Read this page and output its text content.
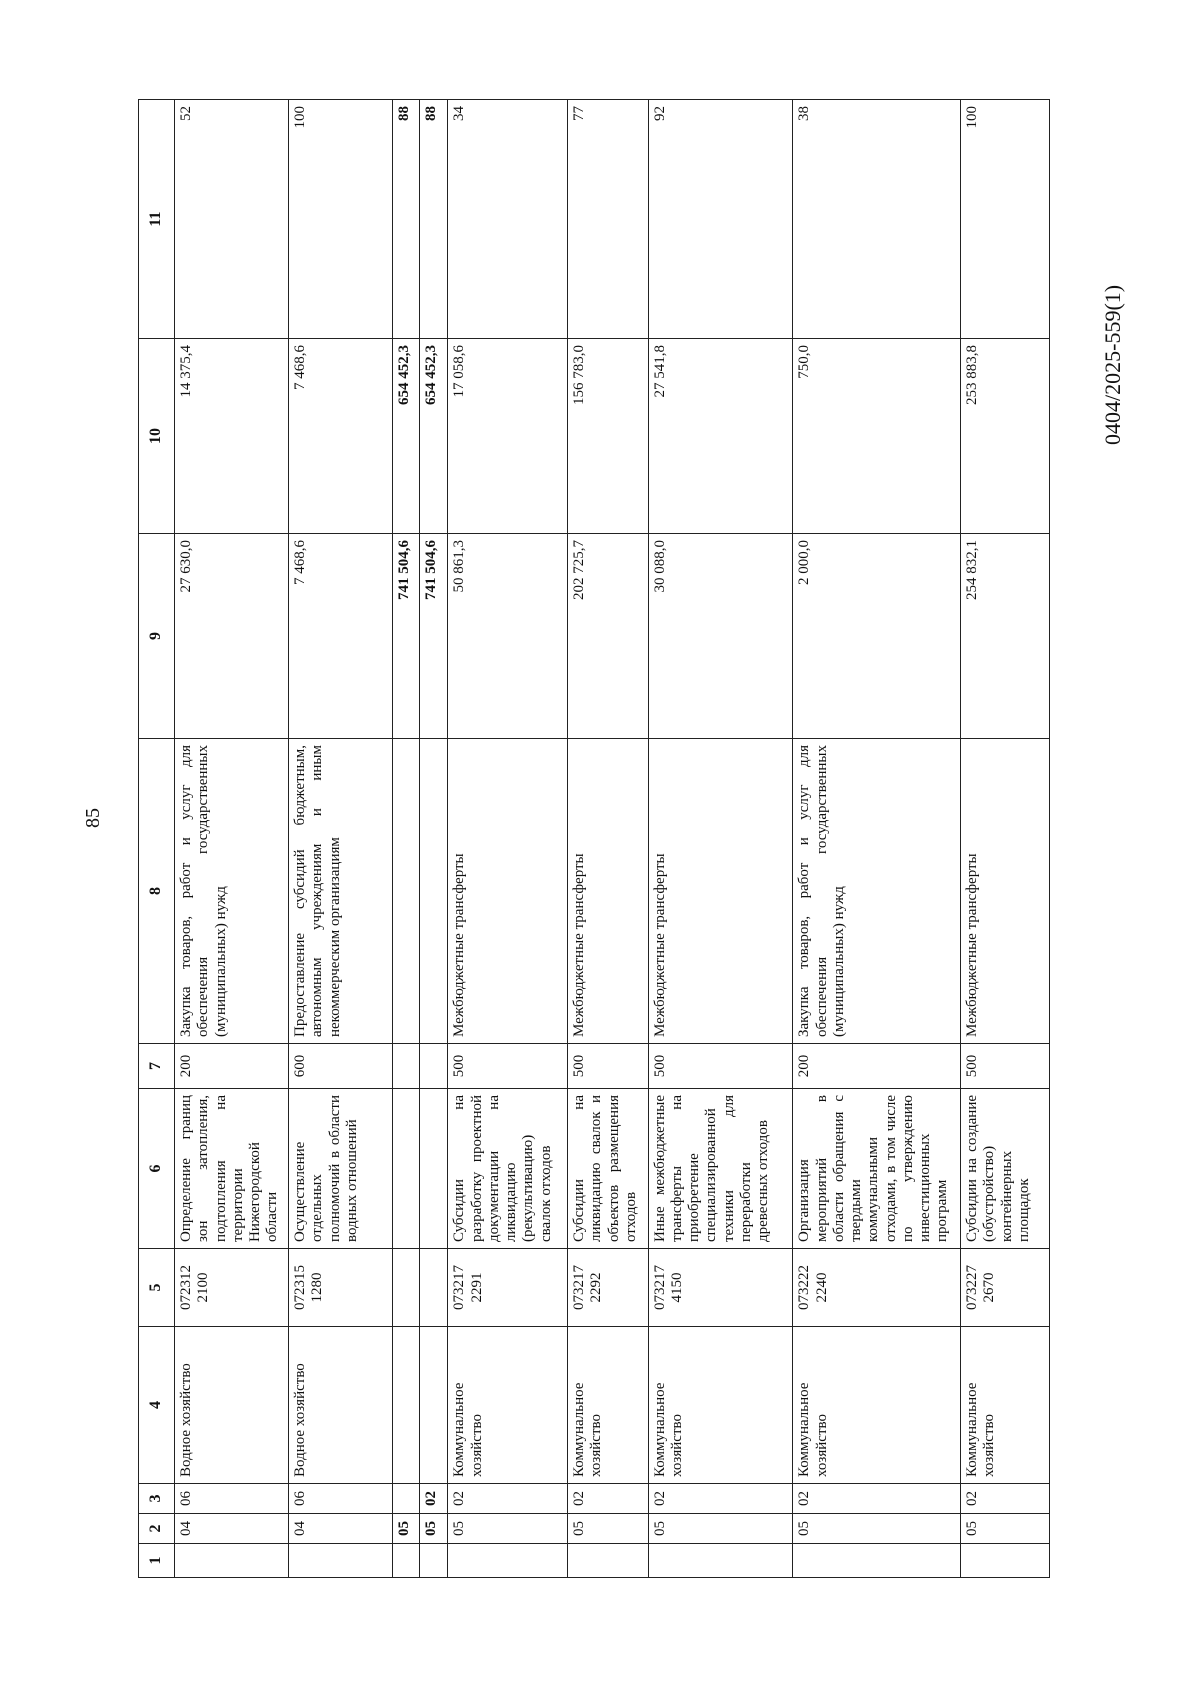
85
1	2	3	4	5	6	7	8	9	10	11
	04	06	Водное хозяйство	072312 2100	Определение границ зон затопления, подтопления на территории Нижегородской области	200	Закупка товаров, работ и услуг для обеспечения государственных (муниципальных) нужд	27 630,0	14 375,4	52
	04	06	Водное хозяйство	072315 1280	Осуществление отдельных полномочий в области водных отношений	600	Предоставление субсидий бюджетным, автономным учреждениям и иным некоммерческим организациям	7 468,6	7 468,6	100
	05							741 504,6	654 452,3	88
	05	02						741 504,6	654 452,3	88
	05	02	Коммунальное хозяйство	073217 2291	Субсидии на разработку проектной документации на ликвидацию (рекультивацию) свалок отходов	500	Межбюджетные трансферты	50 861,3	17 058,6	34
	05	02	Коммунальное хозяйство	073217 2292	Субсидии на ликвидацию свалок и объектов размещения отходов	500	Межбюджетные трансферты	202 725,7	156 783,0	77
	05	02	Коммунальное хозяйство	073217 4150	Иные межбюджетные трансферты на приобретение специализированной техники для переработки древесных отходов	500	Межбюджетные трансферты	30 088,0	27 541,8	92
	05	02	Коммунальное хозяйство	073222 2240	Организация мероприятий в области обращения с твердыми коммунальными отходами, в том числе по утверждению инвестиционных программ	200	Закупка товаров, работ и услуг для обеспечения государственных (муниципальных) нужд	2 000,0	750,0	38
	05	02	Коммунальное хозяйство	073227 2670	Субсидии на создание (обустройство) контейнерных площадок	500	Межбюджетные трансферты	254 832,1	253 883,8	100
0404/2025-559(1)
